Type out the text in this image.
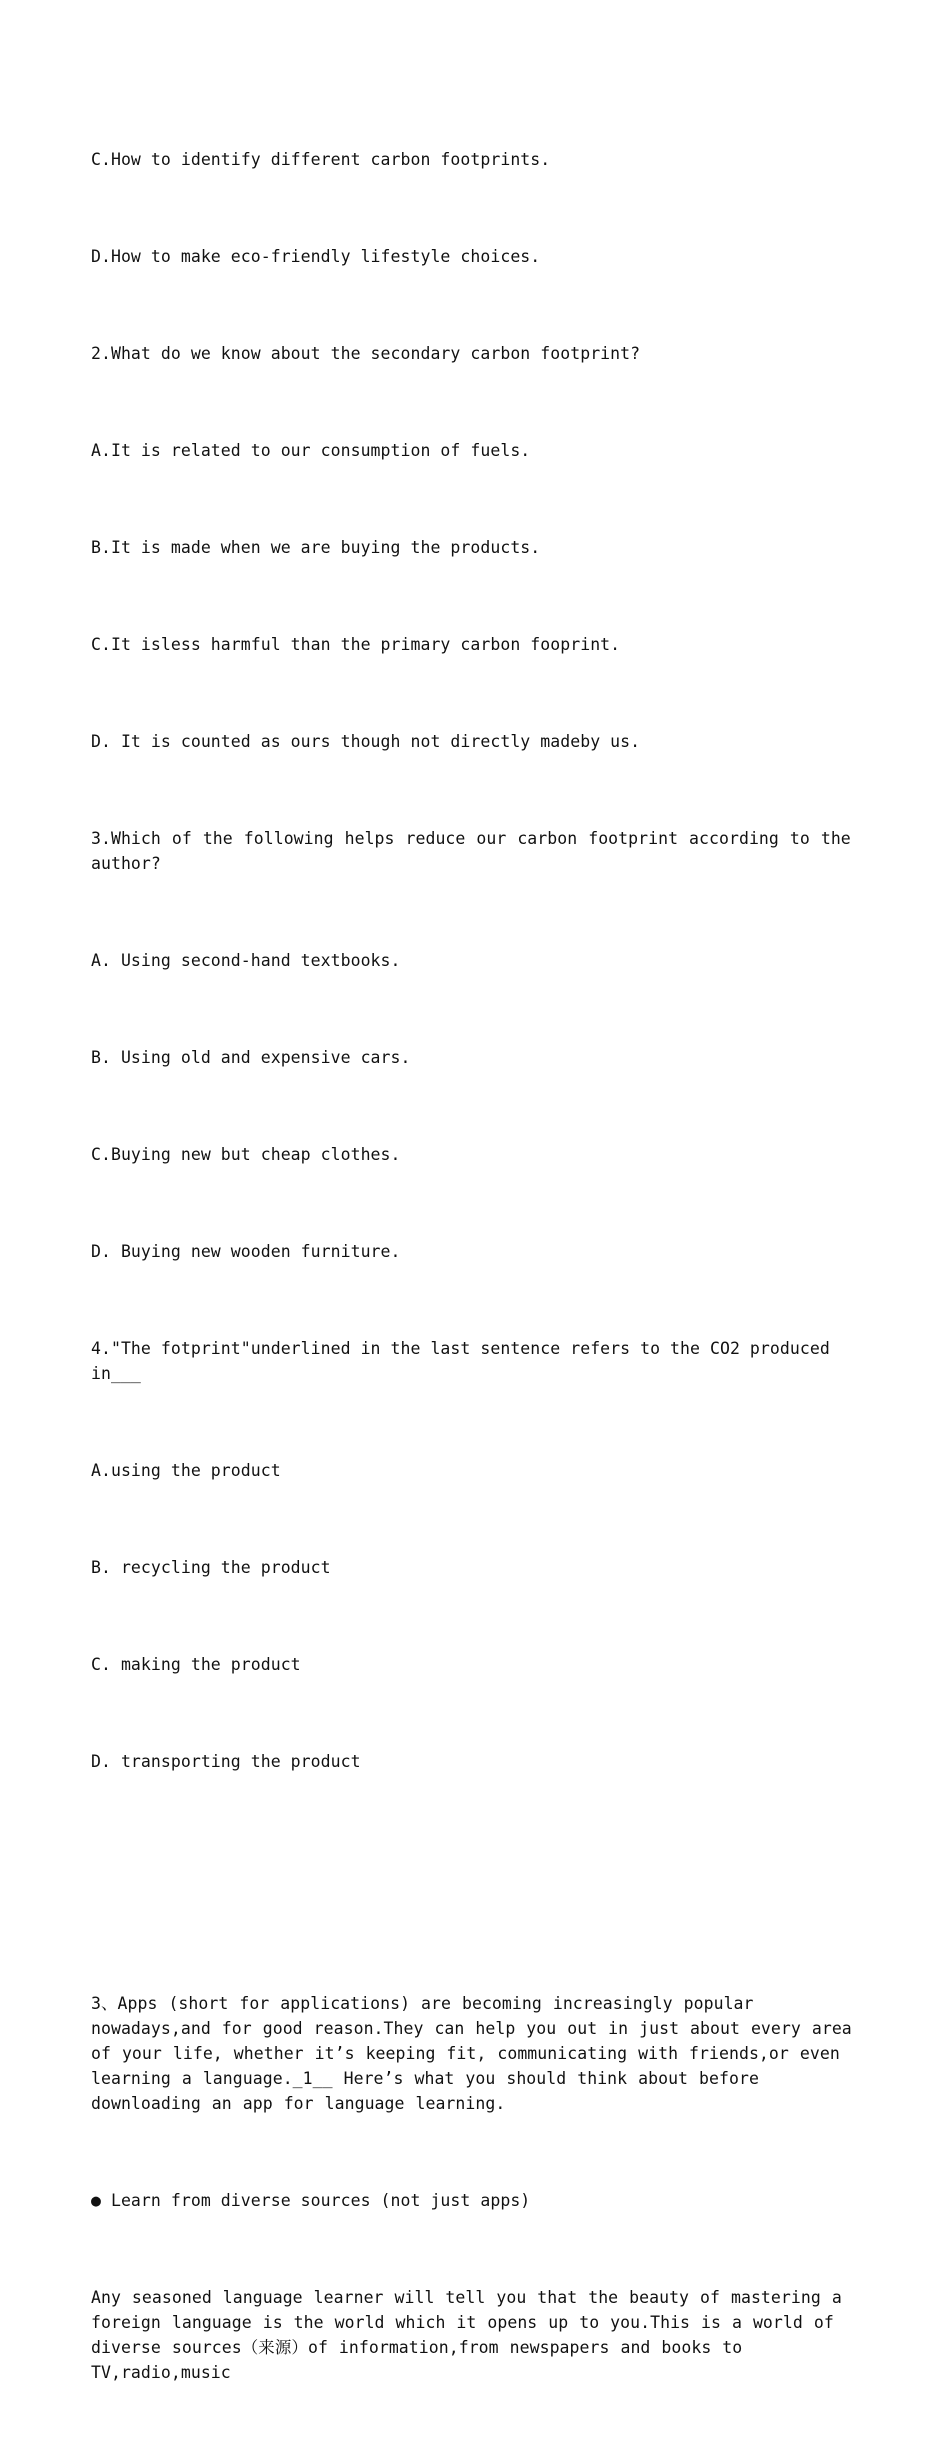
C.How to identify different carbon footprints.

D.How to make eco-friendly lifestyle choices.

2.What do we know about the secondary carbon footprint?

A.It is related to our consumption of fuels.

B.It is made when we are buying the products.

C.It isless harmful than the primary carbon fooprint.

D. It is counted as ours though not directly madeby us.

3.Which of the following helps reduce our carbon footprint according to the author?

A. Using second-hand textbooks.

B. Using old and expensive cars.

C.Buying new but cheap clothes.

D. Buying new wooden furniture.

4."The fotprint"underlined in the last sentence refers to the CO2 produced in___

A.using the product

B. recycling the product

C. making the product

D. transporting the product

3、Apps (short for applications) are becoming increasingly popular nowadays,and for good reason.They can help you out in just about every area of your life, whether it’s keeping fit, communicating with friends,or even learning a language._1__ Here’s what you should think about before downloading an app for language learning.

● Learn from diverse sources (not just apps)

Any seasoned language learner will tell you that the beauty of mastering a foreign language is the world which it opens up to you.This is a world of diverse sources（来源）of information,from newspapers and books to TV,radio,music
